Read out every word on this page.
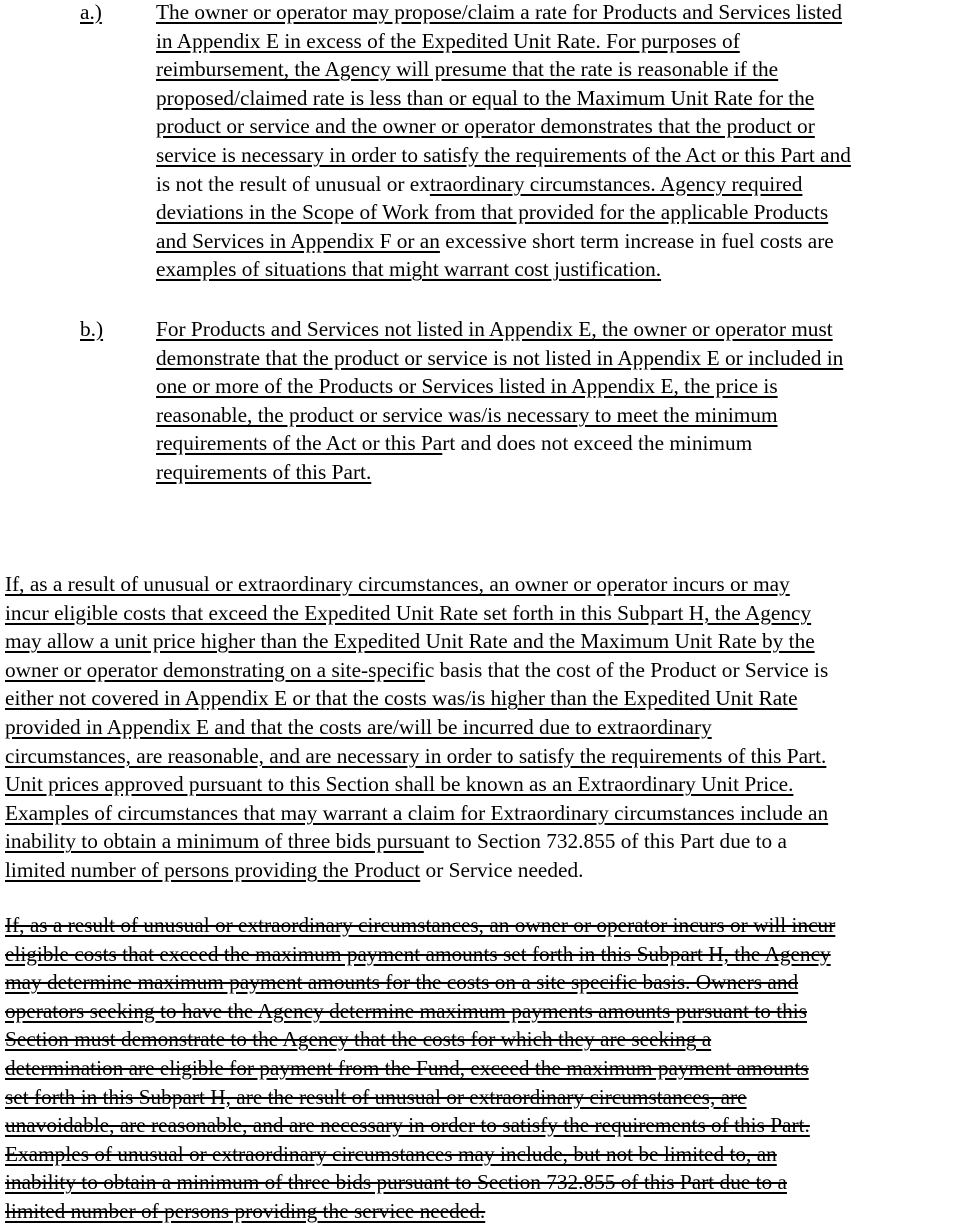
a.)	The owner or operator may propose/claim a rate for Products and Services listed
in Appendix E in excess of the Expedited Unit Rate. For purposes of
reimbursement, the Agency will presume that the rate is reasonable if the
proposed/claimed rate is less than or equal to the Maximum Unit Rate for the
product or service and the owner or operator demonstrates that the product or
service is necessary in order to satisfy the requirements of the Act or this Part and
is not the result of unusual or extraordinary circumstances. Agency required
deviations in the Scope of Work from that provided for the applicable Products
and Services in Appendix F or an excessive short term increase in fuel costs are
examples of situations that might warrant cost justification.
b.) For Products and Services not listed in Appendix E, the owner or operator must
demonstrate that the product or service is not listed in Appendix E or included in
one or more of the Products or Services listed in Appendix E, the price is
reasonable, the product or service was/is necessary to meet the minimum
requirements of the Act or this Part and does not exceed the minimum
requirements of this Part.
If, as a result of unusual or extraordinary circumstances, an owner or operator incurs or may
incur eligible costs that exceed the Expedited Unit Rate set forth in this Subpart H, the Agency
may allow a unit price higher than the Expedited Unit Rate and the Maximum Unit Rate by the
owner or operator demonstrating on a site-specific basis that the cost of the Product or Service is
either not covered in Appendix E or that the costs was/is higher than the Expedited Unit Rate
provided in Appendix E and that the costs are/will be incurred due to extraordinary
circumstances, are reasonable, and are necessary in order to satisfy the requirements of this Part.
Unit prices approved pursuant to this Section shall be known as an Extraordinary Unit Price.
Examples of circumstances that may warrant a claim for Extraordinary circumstances include an
inability to obtain a minimum of three bids pursuant to Section 732.855 of this Part due to a
limited number of persons providing the Product or Service needed.
If, as a result of unusual or extraordinary circumstances, an owner or operator incurs or will incur
eligible costs that exceed the maximum payment amounts set forth in this Subpart H, the Agency
may determine maximum payment amounts for the costs on a site specific basis. Owners and
operators seeking to have the Agency determine maximum payments amounts pursuant to this
Section must demonstrate to the Agency that the costs for which they are seeking a
determination are eligible for payment from the Fund, exceed the maximum payment amounts
set forth in this Subpart H, are the result of unusual or extraordinary circumstances, are
unavoidable, are reasonable, and are necessary in order to satisfy the requirements of this Part.
Examples of unusual or extraordinary circumstances may include, but not be limited to, an
inability to obtain a minimum of three bids pursuant to Section 732.855 of this Part due to a
limited number of persons providing the service needed.
